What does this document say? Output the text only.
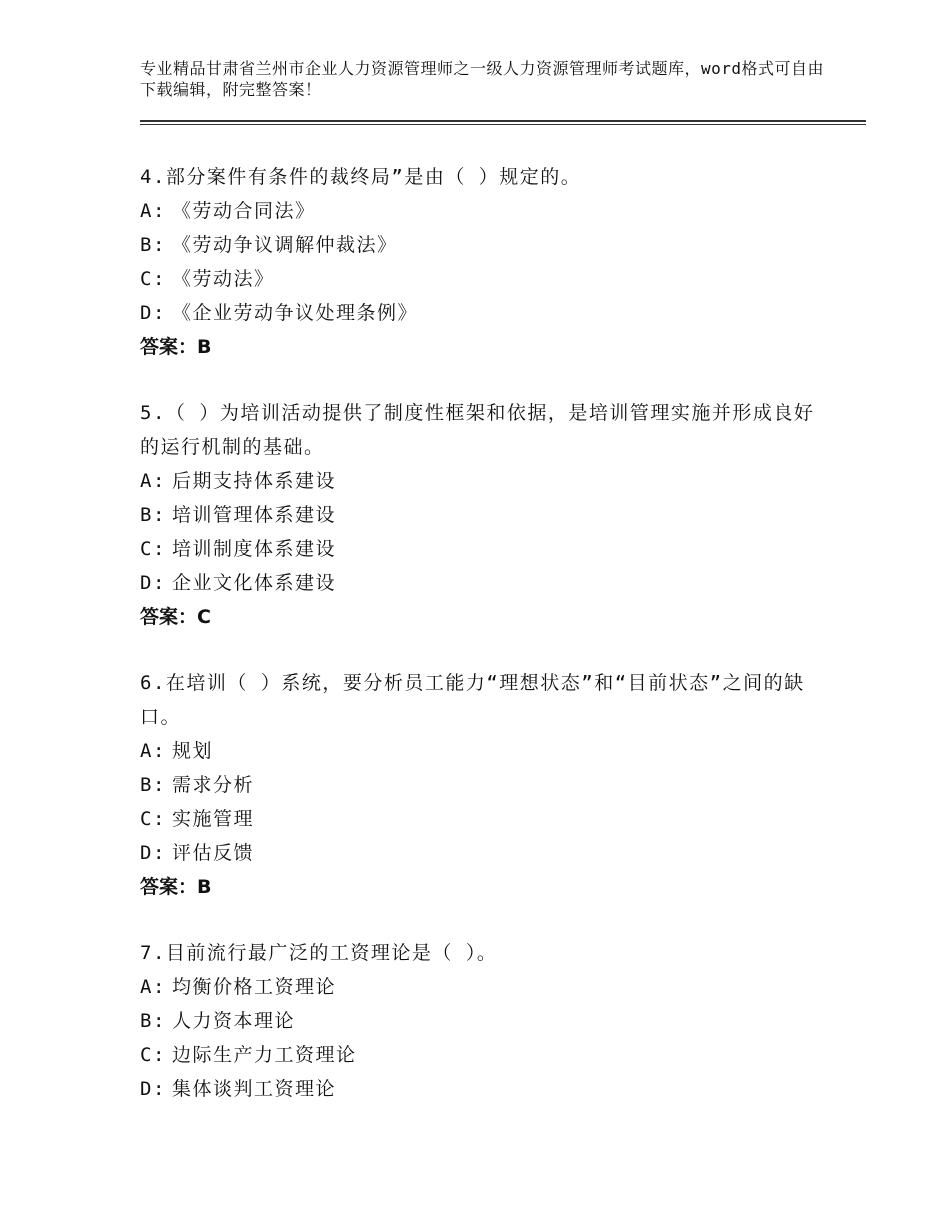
专业精品甘肃省兰州市企业人力资源管理师之一级人力资源管理师考试题库，word格式可自由下载编辑，附完整答案！

4.部分案件有条件的裁终局”是由（ ）规定的。

A: 《劳动合同法》

B: 《劳动争议调解仲裁法》

C: 《劳动法》

D: 《企业劳动争议处理条例》

答案：B

5.（ ）为培训活动提供了制度性框架和依据，是培训管理实施并形成良好的运行机制的基础。

A: 后期支持体系建设

B: 培训管理体系建设

C: 培训制度体系建设

D: 企业文化体系建设

答案：C

6.在培训（ ）系统，要分析员工能力“理想状态”和“目前状态”之间的缺口。

A: 规划

B: 需求分析

C: 实施管理

D: 评估反馈

答案：B

7.目前流行最广泛的工资理论是（ ）。

A: 均衡价格工资理论

B: 人力资本理论

C: 边际生产力工资理论

D: 集体谈判工资理论
